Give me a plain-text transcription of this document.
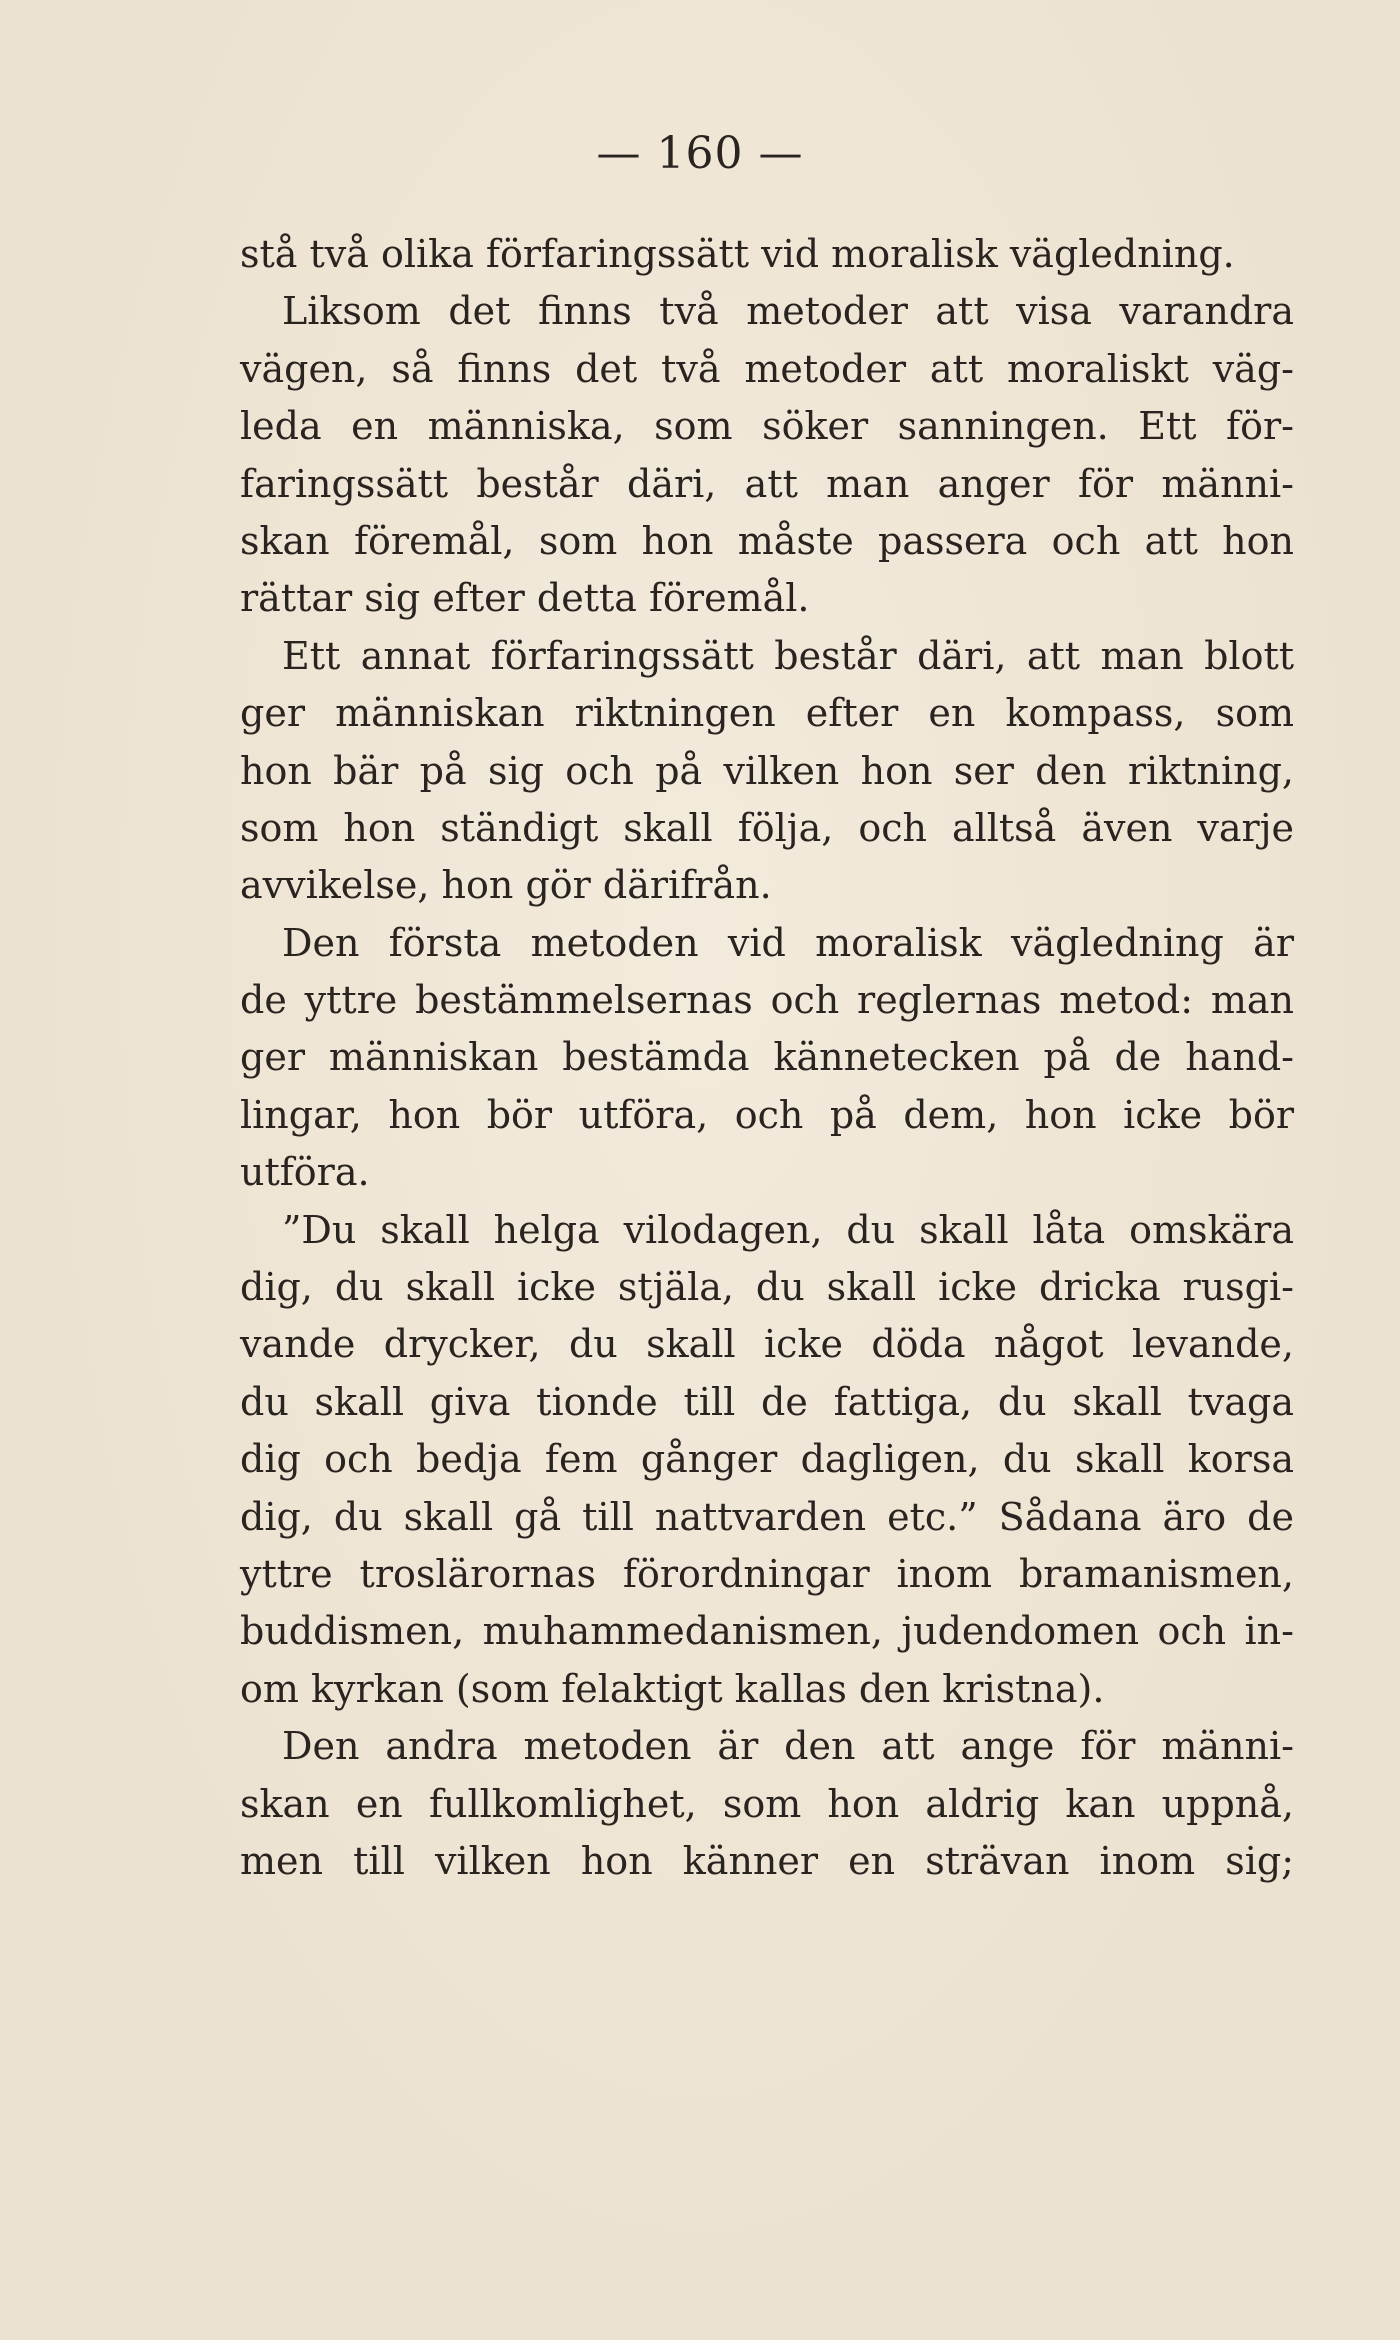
— 160 —
stå två olika förfaringssätt vid moralisk vägledning.
Liksom det finns två metoder att visa varandra
vägen, så finns det två metoder att moraliskt väg-
leda en människa, som söker sanningen. Ett för-
faringssätt består däri, att man anger för männi-
skan föremål, som hon måste passera och att hon
rättar sig efter detta föremål.
Ett annat förfaringssätt består däri, att man blott
ger människan riktningen efter en kompass, som
hon bär på sig och på vilken hon ser den riktning,
som hon ständigt skall följa, och alltså även varje
avvikelse, hon gör därifrån.
Den första metoden vid moralisk vägledning är
de yttre bestämmelsernas och reglernas metod: man
ger människan bestämda kännetecken på de hand-
lingar, hon bör utföra, och på dem, hon icke bör
utföra.
”Du skall helga vilodagen, du skall låta omskära
dig, du skall icke stjäla, du skall icke dricka rusgi-
vande drycker, du skall icke döda något levande,
du skall giva tionde till de fattiga, du skall tvaga
dig och bedja fem gånger dagligen, du skall korsa
dig, du skall gå till nattvarden etc.” Sådana äro de
yttre troslärornas förordningar inom bramanismen,
buddismen, muhammedanismen, judendomen och in-
om kyrkan (som felaktigt kallas den kristna).
Den andra metoden är den att ange för männi-
skan en fullkomlighet, som hon aldrig kan uppnå,
men till vilken hon känner en strävan inom sig;
